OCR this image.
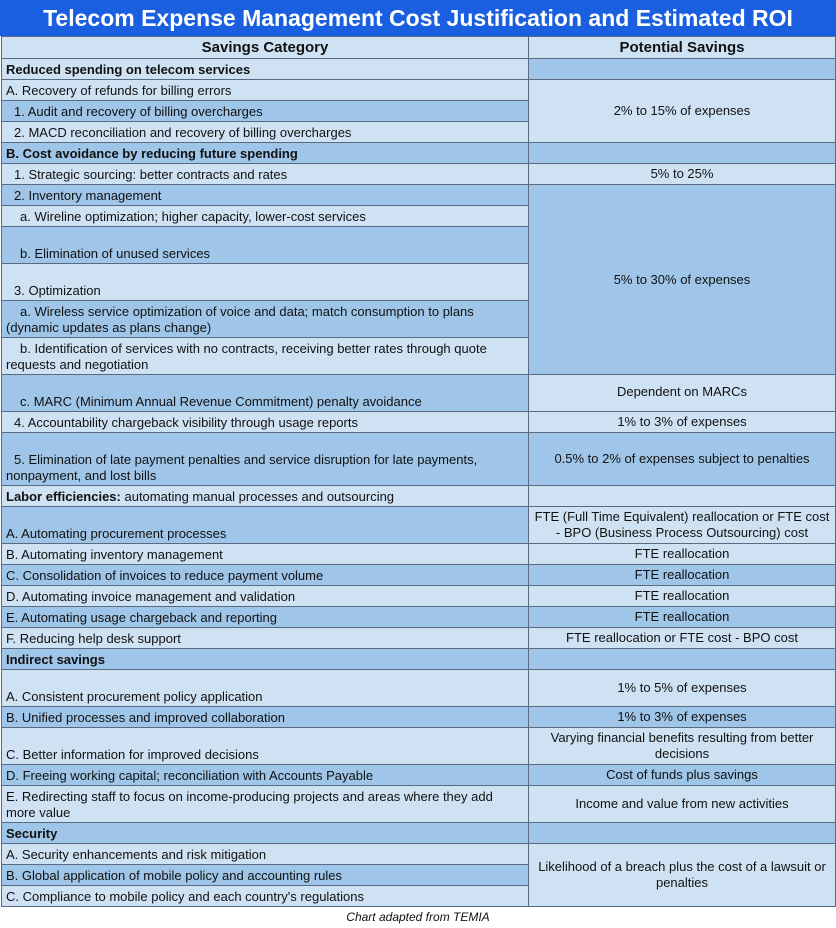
Telecom Expense Management Cost Justification and Estimated ROI
Savings Category	Potential Savings
Reduced spending on telecom services	
A. Recovery of refunds for billing errors	2% to 15% of expenses
1. Audit and recovery of billing overcharges	
2. MACD reconciliation and recovery of billing overcharges	
B. Cost avoidance by reducing future spending	
1. Strategic sourcing: better contracts and rates	5% to 25%
2. Inventory management	5% to 30% of expenses
a. Wireline optimization; higher capacity, lower-cost services	
b. Elimination of unused services	
3. Optimization	
a. Wireless service optimization of voice and data; match consumption to plans (dynamic updates as plans change)	
b. Identification of services with no contracts, receiving better rates through quote requests and negotiation	
c. MARC (Minimum Annual Revenue Commitment) penalty avoidance	Dependent on MARCs
4. Accountability chargeback visibility through usage reports	1% to 3% of expenses
5. Elimination of late payment penalties and service disruption for late payments, nonpayment, and lost bills	0.5% to 2% of expenses subject to penalties
Labor efficiencies: automating manual processes and outsourcing	
A. Automating procurement processes	FTE (Full Time Equivalent) reallocation or FTE cost - BPO (Business Process Outsourcing) cost
B. Automating inventory management	FTE reallocation
C. Consolidation of invoices to reduce payment volume	FTE reallocation
D. Automating invoice management and validation	FTE reallocation
E. Automating usage chargeback and reporting	FTE reallocation
F. Reducing help desk support	FTE reallocation or FTE cost - BPO cost
Indirect savings	
A. Consistent procurement policy application	1% to 5% of expenses
B. Unified processes and improved collaboration	1% to 3% of expenses
C. Better information for improved decisions	Varying financial benefits resulting from better decisions
D. Freeing working capital; reconciliation with Accounts Payable	Cost of funds plus savings
E. Redirecting staff to focus on income-producing projects and areas where they add more value	Income and value from new activities
Security	
A. Security enhancements and risk mitigation	Likelihood of a breach plus the cost of a lawsuit or penalties
B. Global application of mobile policy and accounting rules	
C. Compliance to mobile policy and each country's regulations	
Chart adapted from TEMIA
